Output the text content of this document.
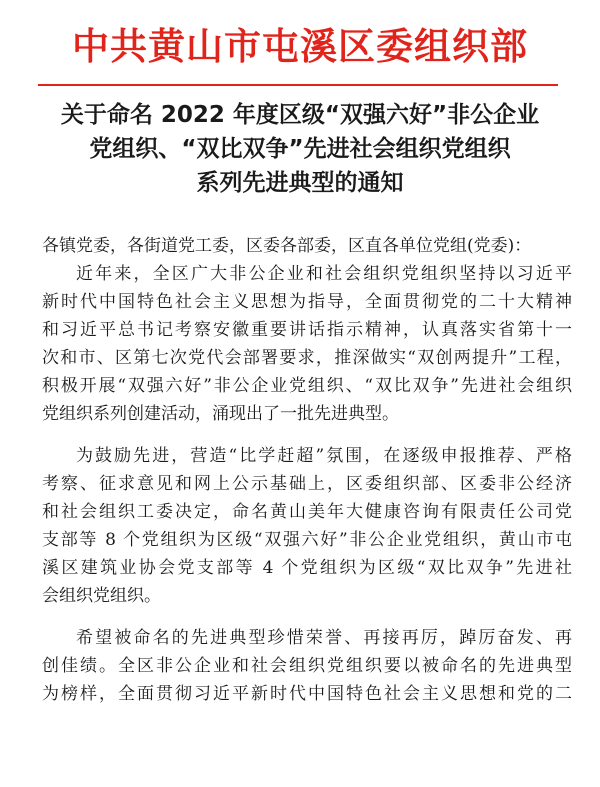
中共黄山市屯溪区委组织部
关于命名 2022 年度区级“双强六好”非公企业
党组织、“双比双争”先进社会组织党组织
系列先进典型的通知
各镇党委，各街道党工委，区委各部委，区直各单位党组(党委)：
近年来，全区广大非公企业和社会组织党组织坚持以习近平
新时代中国特色社会主义思想为指导，全面贯彻党的二十大精神
和习近平总书记考察安徽重要讲话指示精神，认真落实省第十一
次和市、区第七次党代会部署要求，推深做实“双创两提升”工程，
积极开展“双强六好”非公企业党组织、“双比双争”先进社会组织
党组织系列创建活动，涌现出了一批先进典型。
为鼓励先进，营造“比学赶超”氛围，在逐级申报推荐、严格
考察、征求意见和网上公示基础上，区委组织部、区委非公经济
和社会组织工委决定，命名黄山美年大健康咨询有限责任公司党
支部等 8 个党组织为区级“双强六好”非公企业党组织，黄山市屯
溪区建筑业协会党支部等 4 个党组织为区级“双比双争”先进社
会组织党组织。
希望被命名的先进典型珍惜荣誉、再接再厉，踔厉奋发、再
创佳绩。全区非公企业和社会组织党组织要以被命名的先进典型
为榜样，全面贯彻习近平新时代中国特色社会主义思想和党的二
